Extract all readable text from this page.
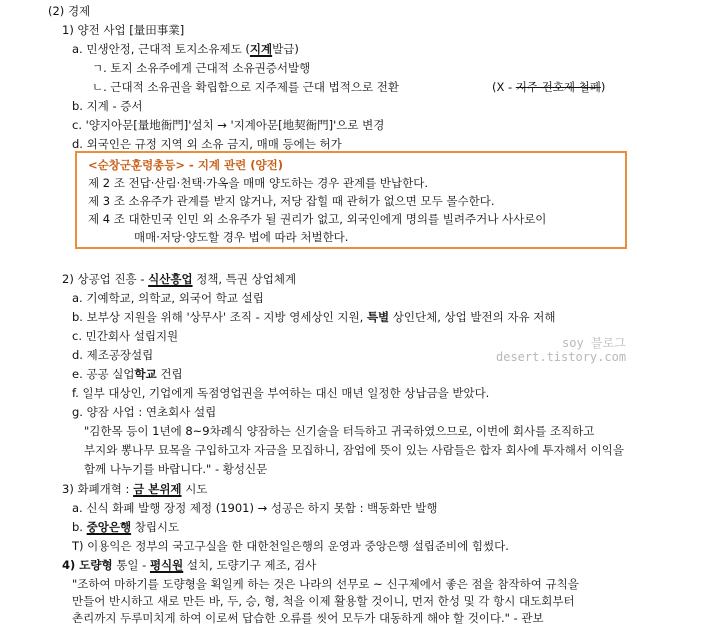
(2) 경제
1) 양전 사업 [量田事業]
a. 민생안정, 근대적 토지소유제도 (지계발급)
ㄱ. 토지 소유주에게 근대적 소유권증서발행
ㄴ. 근대적 소유권을 확립함으로 지주제를 근대 법적으로 전환	(X - 지주 전호제 철폐)
b. 지계 - 증서
c. '양지아문[量地衙門]'설치 → '지계아문[地契衙門]'으로 변경
d. 외국인은 규정 지역 외 소유 금지, 매매 등에는 허가
<순창군훈령총등> - 지계 관련 (양전)
제 2 조 전답·산림·천택·가옥을 매매 양도하는 경우 관계를 반납한다.
제 3 조 소유주가 관계를 받지 않거나, 저당 잡힐 때 관허가 없으면 모두 몰수한다.
제 4 조 대한민국 인민 외 소유주가 될 권리가 없고, 외국인에게 명의를 빌려주거나 사사로이
매매·저당·양도할 경우 법에 따라 처벌한다.
2) 상공업 진흥 - 식산흥업 정책, 특권 상업체계
a. 기예학교, 의학교, 외국어 학교 설립
b. 보부상 지원을 위해 '상무사' 조직 - 지방 영세상인 지원, 특별 상인단체, 상업 발전의 자유 저해
c. 민간회사 설립지원
d. 제조공장설립
e. 공공 실업학교 건립
f. 일부 대상인, 기업에게 독점영업권을 부여하는 대신 매년 일정한 상납금을 받았다.
g. 양잠 사업 : 연초회사 설립
"김한목 등이 1년에 8~9차례식 양잠하는 신기술을 터득하고 귀국하였으므로, 이번에 회사를 조직하고
부지와 뽕나무 묘목을 구입하고자 자금을 모집하니, 잠업에 뜻이 있는 사람들은 합자 회사에 투자해서 이익을
함께 나누기를 바랍니다." - 황성신문
soy 블로그
desert.tistory.com
3) 화폐개혁 : 금 본위제 시도
a. 신식 화폐 발행 장정 제정 (1901) → 성공은 하지 못함 : 백동화만 발행
b. 중앙은행 창립시도
T) 이용익은 정부의 국고구실을 한 대한천일은행의 운영과 중앙은행 설립준비에 힘썼다.
4) 도량형 통일 - 평식원 설치, 도량기구 제조, 검사
"조하여 마하기를 도량형을 획일케 하는 것은 나라의 선무로 ~ 신구제에서 좋은 점을 참작하여 규칙을
만들어 반시하고 새로 만든 바, 두, 승, 형, 척을 이제 활용할 것이니, 먼저 한성 및 각 항시 대도회부터
촌리까지 두루미치게 하여 이로써 답습한 오류를 씻어 모두가 대동하게 해야 할 것이다." - 관보
